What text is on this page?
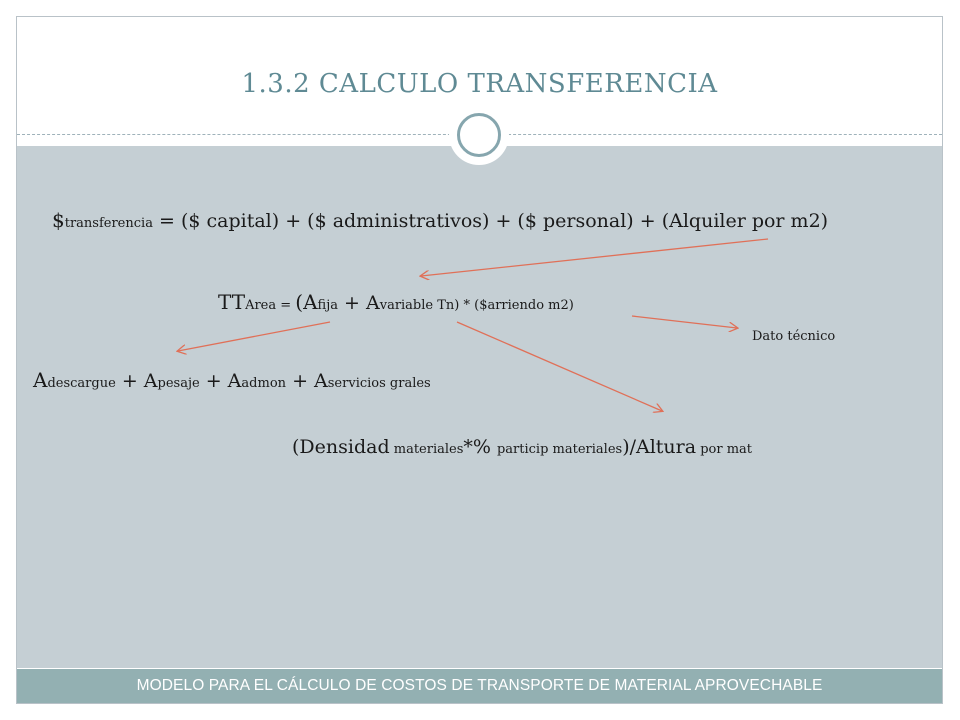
1.3.2 CALCULO TRANSFERENCIA
$transferencia = ($ capital) + ($ administrativos) + ($ personal) + (Alquiler por m2)
TTArea = (Afija + Avariable Tn) * ($arriendo m2)
Dato técnico
Adescargue + Apesaje + Aadmon + Aservicios grales
(Densidad materiales*% particip materiales)/Altura por mat
MODELO PARA EL CÁLCULO DE COSTOS DE TRANSPORTE DE MATERIAL APROVECHABLE
